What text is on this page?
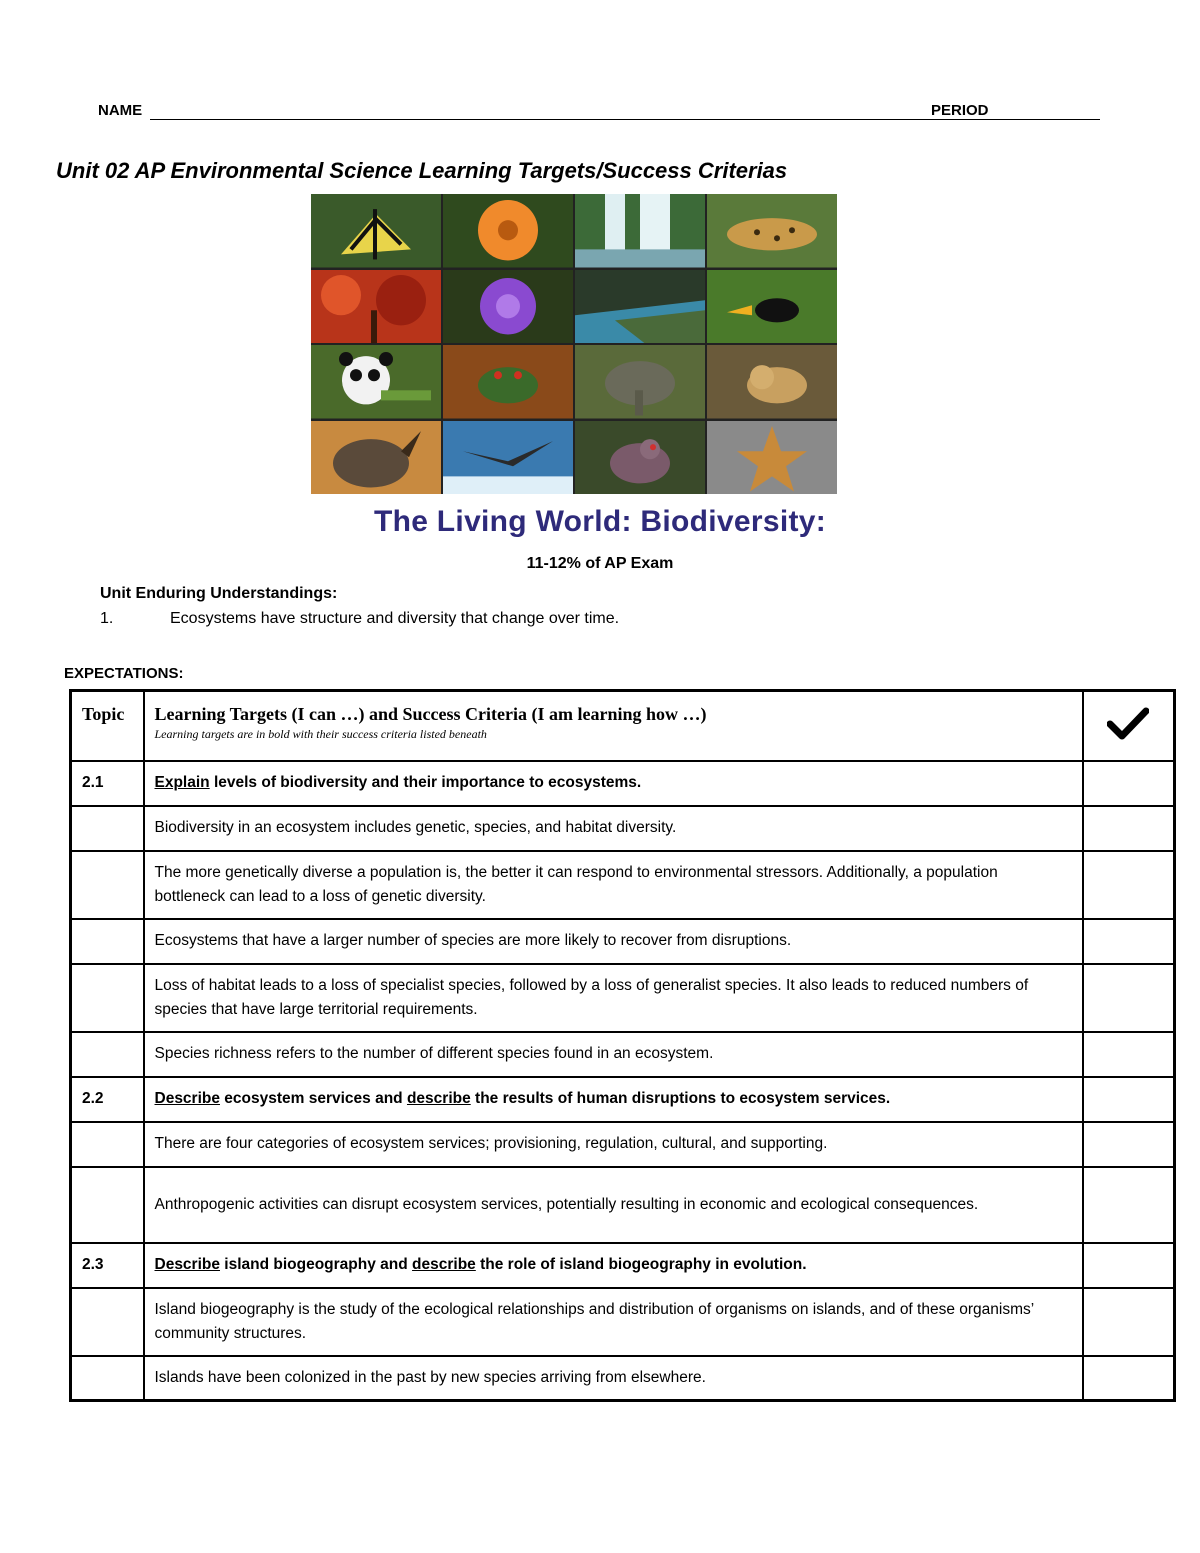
NAME	PERIOD
Unit 02 AP Environmental Science Learning Targets/Success Criterias
The Living World: Biodiversity:
11-12% of AP Exam
Unit Enduring Understandings:
1.	Ecosystems have structure and diversity that change over time.
EXPECTATIONS:
Topic	Learning Targets (I can …) and Success Criteria (I am learning how …)
Learning targets are in bold with their success criteria listed beneath

2.1	Explain levels of biodiversity and their importance to ecosystems.	
	Biodiversity in an ecosystem includes genetic, species, and habitat diversity.	
	The more genetically diverse a population is, the better it can respond to environmental stressors. Additionally, a population bottleneck can lead to a loss of genetic diversity.	
	Ecosystems that have a larger number of species are more likely to recover from disruptions.	
	Loss of habitat leads to a loss of specialist species, followed by a loss of generalist species. It also leads to reduced numbers of species that have large territorial requirements.	
	Species richness refers to the number of different species found in an ecosystem.	
2.2	Describe ecosystem services and describe the results of human disruptions to ecosystem services.	
	There are four categories of ecosystem services; provisioning, regulation, cultural, and supporting.	
	Anthropogenic activities can disrupt ecosystem services, potentially resulting in economic and ecological consequences.	
2.3	Describe island biogeography and describe the role of island biogeography in evolution.	
	Island biogeography is the study of the ecological relationships and distribution of organisms on islands, and of these organisms’ community structures.	
	Islands have been colonized in the past by new species arriving from elsewhere.	
